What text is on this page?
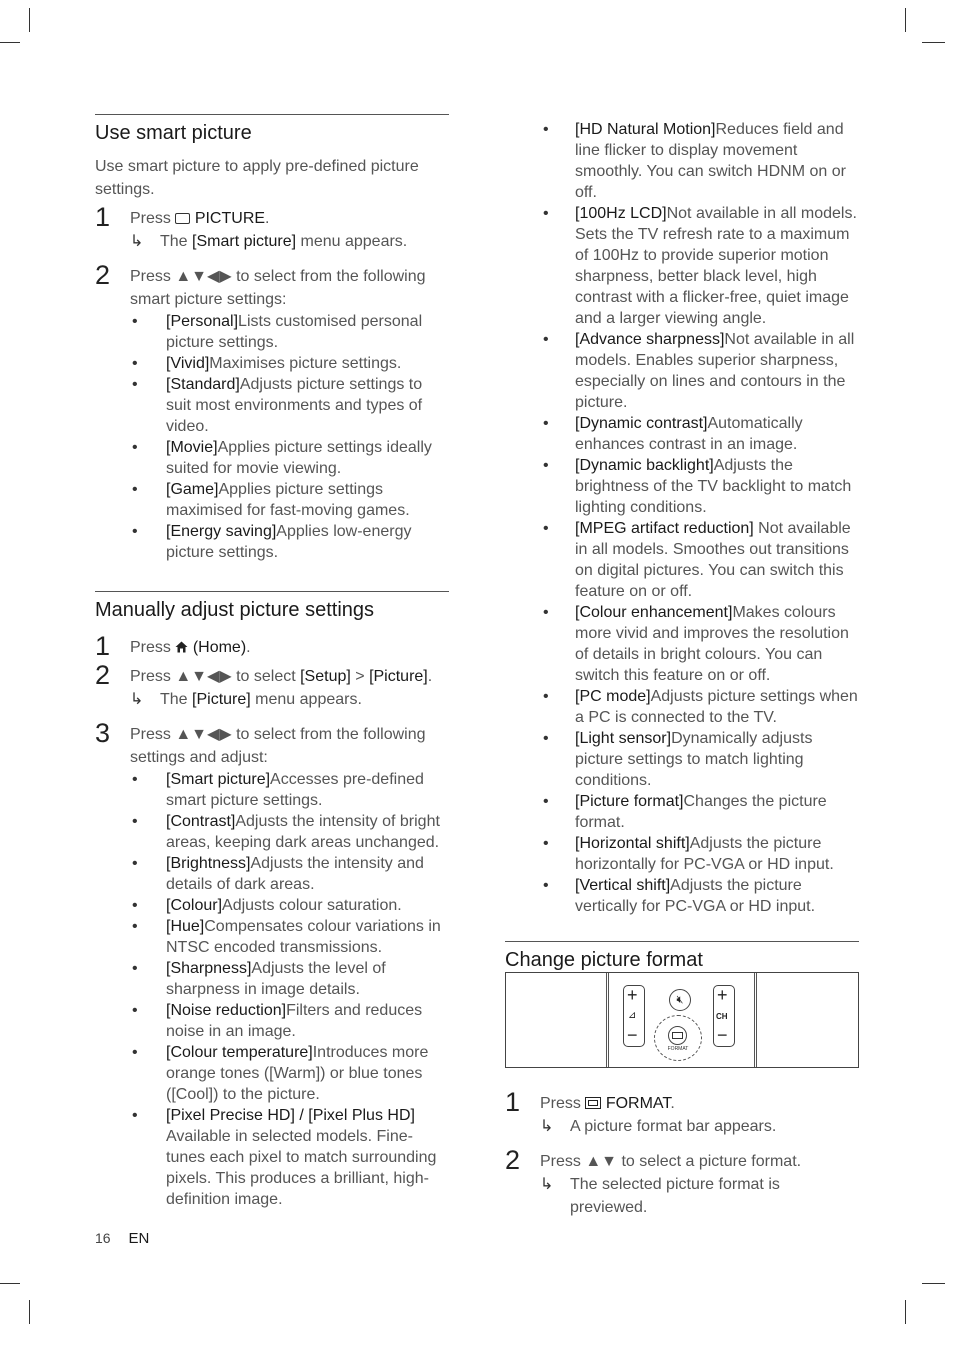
Use smart picture
Use smart picture to apply pre-defined picture settings.
1 Press PICTURE.
↳ The [Smart picture] menu appears.
2 Press ▲▼◀▶ to select from the following smart picture settings:
• [Personal]Lists customised personal picture settings.
• [Vivid]Maximises picture settings.
• [Standard]Adjusts picture settings to suit most environments and types of video.
• [Movie]Applies picture settings ideally suited for movie viewing.
• [Game]Applies picture settings maximised for fast-moving games.
• [Energy saving]Applies low-energy picture settings.
Manually adjust picture settings
1 Press (Home).
2 Press ▲▼◀▶ to select [Setup] > [Picture].
↳ The [Picture] menu appears.
3 Press ▲▼◀▶ to select from the following settings and adjust:
• [Smart picture]Accesses pre-defined smart picture settings.
• [Contrast]Adjusts the intensity of bright areas, keeping dark areas unchanged.
• [Brightness]Adjusts the intensity and details of dark areas.
• [Colour]Adjusts colour saturation.
• [Hue]Compensates colour variations in NTSC encoded transmissions.
• [Sharpness]Adjusts the level of sharpness in image details.
• [Noise reduction]Filters and reduces noise in an image.
• [Colour temperature]Introduces more orange tones ([Warm]) or blue tones ([Cool]) to the picture.
• [Pixel Precise HD] / [Pixel Plus HD] Available in selected models. Fine-tunes each pixel to match surrounding pixels. This produces a brilliant, high-definition image.
• [HD Natural Motion]Reduces field and line flicker to display movement smoothly. You can switch HDNM on or off.
• [100Hz LCD]Not available in all models. Sets the TV refresh rate to a maximum of 100Hz to provide superior motion sharpness, better black level, high contrast with a flicker-free, quiet image and a larger viewing angle.
• [Advance sharpness]Not available in all models. Enables superior sharpness, especially on lines and contours in the picture.
• [Dynamic contrast]Automatically enhances contrast in an image.
• [Dynamic backlight]Adjusts the brightness of the TV backlight to match lighting conditions.
• [MPEG artifact reduction] Not available in all models. Smoothes out transitions on digital pictures. You can switch this feature on or off.
• [Colour enhancement]Makes colours more vivid and improves the resolution of details in bright colours. You can switch this feature on or off.
• [PC mode]Adjusts picture settings when a PC is connected to the TV.
• [Light sensor]Dynamically adjusts picture settings to match lighting conditions.
• [Picture format]Changes the picture format.
• [Horizontal shift]Adjusts the picture horizontally for PC-VGA or HD input.
• [Vertical shift]Adjusts the picture vertically for PC-VGA or HD input.
Change picture format
+
⊿
−
🔇︎
FORMAT
+
CH
−
1 Press FORMAT.
↳ A picture format bar appears.
2 Press ▲▼ to select a picture format.
↳ The selected picture format is previewed.
16 EN
